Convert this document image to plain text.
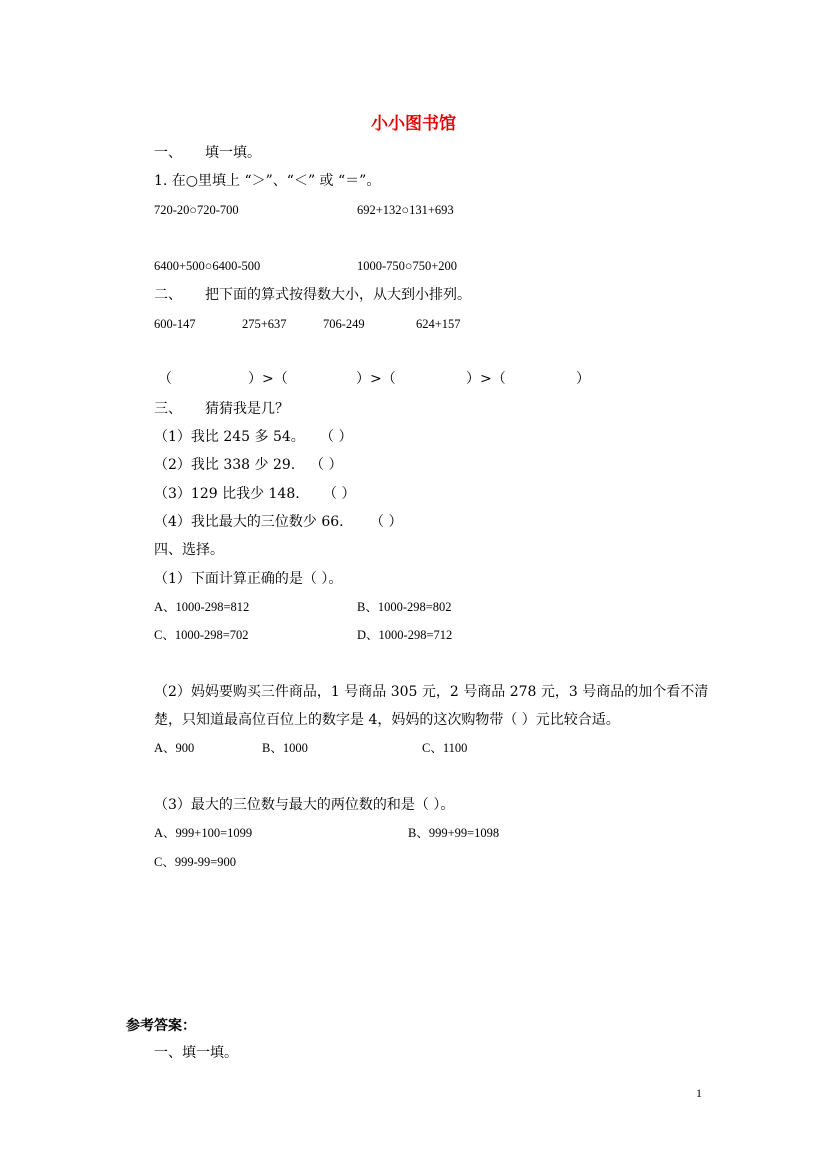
小小图书馆
一、 填一填。
1. 在○里填上 “＞”、“＜” 或 “＝”。
720-20○720-700	692+132○131+693
6400+500○6400-500	1000-750○750+200
二、 把下面的算式按得数大小，从大到小排列。
600-147	275+637	706-249	624+157
（	）>（	）>（	）>（	）
三、 猜猜我是几？
（1）我比 245 多 54。 （ ）
（2）我比 338 少 29. （ ）
（3）129 比我少 148. （ ）
（4）我比最大的三位数少 66. （ ）
四、选择。
（1）下面计算正确的是（ ）。
A、1000-298=812	B、1000-298=802
C、1000-298=702	D、1000-298=712
（2）妈妈要购买三件商品，1 号商品 305 元，2 号商品 278 元，3 号商品的加个看不清
楚，只知道最高位百位上的数字是 4，妈妈的这次购物带（ ）元比较合适。
A、900	B、1000	C、1100
（3）最大的三位数与最大的两位数的和是（ ）。
A、999+100=1099	B、999+99=1098
C、999-99=900
参考答案：
一、填一填。
1
